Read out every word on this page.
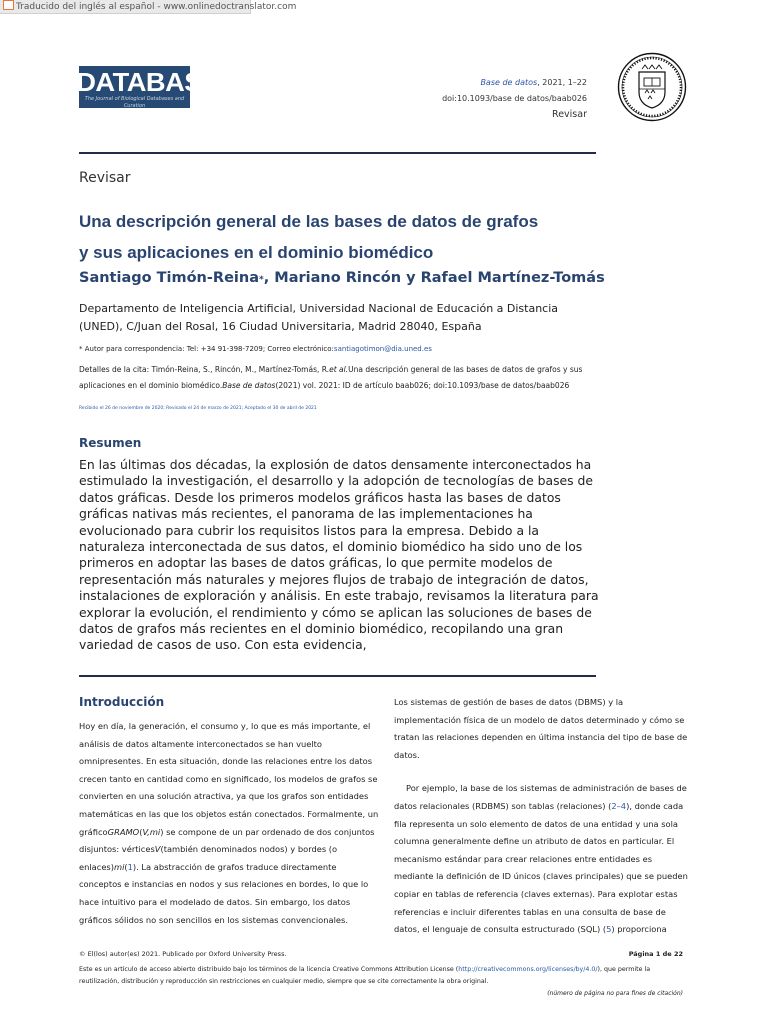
Traducido del inglés al español - www.onlinedoctranslator.com
DATABASE
The Journal of Biological Databases and Curation
Base de datos, 2021, 1–22
doi:10.1093/base de datos/baab026
Revisar
Revisar
Una descripción general de las bases de datos de grafos
y sus aplicaciones en el dominio biomédico
Santiago Timón-Reina*, Mariano Rincón y Rafael Martínez-Tomás
Departamento de Inteligencia Artificial, Universidad Nacional de Educación a Distancia (UNED), C/Juan del Rosal, 16 Ciudad Universitaria, Madrid 28040, España
* Autor para correspondencia: Tel: +34 91-398-7209; Correo electrónico:santiagotimon@dia.uned.es
Detalles de la cita: Timón-Reina, S., Rincón, M., Martínez-Tomás, R.et al.Una descripción general de las bases de datos de grafos y sus aplicaciones en el dominio biomédico.Base de datos(2021) vol. 2021: ID de artículo baab026; doi:10.1093/base de datos/baab026
Recibido el 26 de noviembre de 2020; Revisado el 24 de marzo de 2021; Aceptado el 30 de abril de 2021
Resumen
En las últimas dos décadas, la explosión de datos densamente interconectados ha estimulado la investigación, el desarrollo y la adopción de tecnologías de bases de datos gráficas. Desde los primeros modelos gráficos hasta las bases de datos gráficas nativas más recientes, el panorama de las implementaciones ha evolucionado para cubrir los requisitos listos para la empresa. Debido a la naturaleza interconectada de sus datos, el dominio biomédico ha sido uno de los primeros en adoptar las bases de datos gráficas, lo que permite modelos de representación más naturales y mejores flujos de trabajo de integración de datos, instalaciones de exploración y análisis. En este trabajo, revisamos la literatura para explorar la evolución, el rendimiento y cómo se aplican las soluciones de bases de datos de grafos más recientes en el dominio biomédico, recopilando una gran variedad de casos de uso. Con esta evidencia,
Introducción

Hoy en día, la generación, el consumo y, lo que es más importante, el análisis de datos altamente interconectados se han vuelto omnipresentes. En esta situación, donde las relaciones entre los datos crecen tanto en cantidad como en significado, los modelos de grafos se convierten en una solución atractiva, ya que los grafos son entidades matemáticas en las que los objetos están conectados. Formalmente, un gráficoGRAMO(V,mi) se compone de un par ordenado de dos conjuntos disjuntos: vérticesV(también denominados nodos) y bordes (o enlaces)mi(1). La abstracción de grafos traduce directamente conceptos e instancias en nodos y sus relaciones en bordes, lo que lo hace intuitivo para el modelado de datos. Sin embargo, los datos gráficos sólidos no son sencillos en los sistemas convencionales.

Los sistemas de gestión de bases de datos (DBMS) y la implementación física de un modelo de datos determinado y cómo se tratan las relaciones dependen en última instancia del tipo de base de datos.

Por ejemplo, la base de los sistemas de administración de bases de datos relacionales (RDBMS) son tablas (relaciones) (2–4), donde cada fila representa un solo elemento de datos de una entidad y una sola columna generalmente define un atributo de datos en particular. El mecanismo estándar para crear relaciones entre entidades es mediante la definición de ID únicos (claves principales) que se pueden copiar en tablas de referencia (claves externas). Para explotar estas referencias e incluir diferentes tablas en una consulta de base de datos, el lenguaje de consulta estructurado (SQL) (5) proporciona

© El(los) autor(es) 2021. Publicado por Oxford University Press.	Página 1 de 22
Este es un artículo de acceso abierto distribuido bajo los términos de la licencia Creative Commons Attribution License (http://creativecommons.org/licenses/by/4.0/), que permite la reutilización, distribución y reproducción sin restricciones en cualquier medio, siempre que se cite correctamente la obra original.
(número de página no para fines de citación)
